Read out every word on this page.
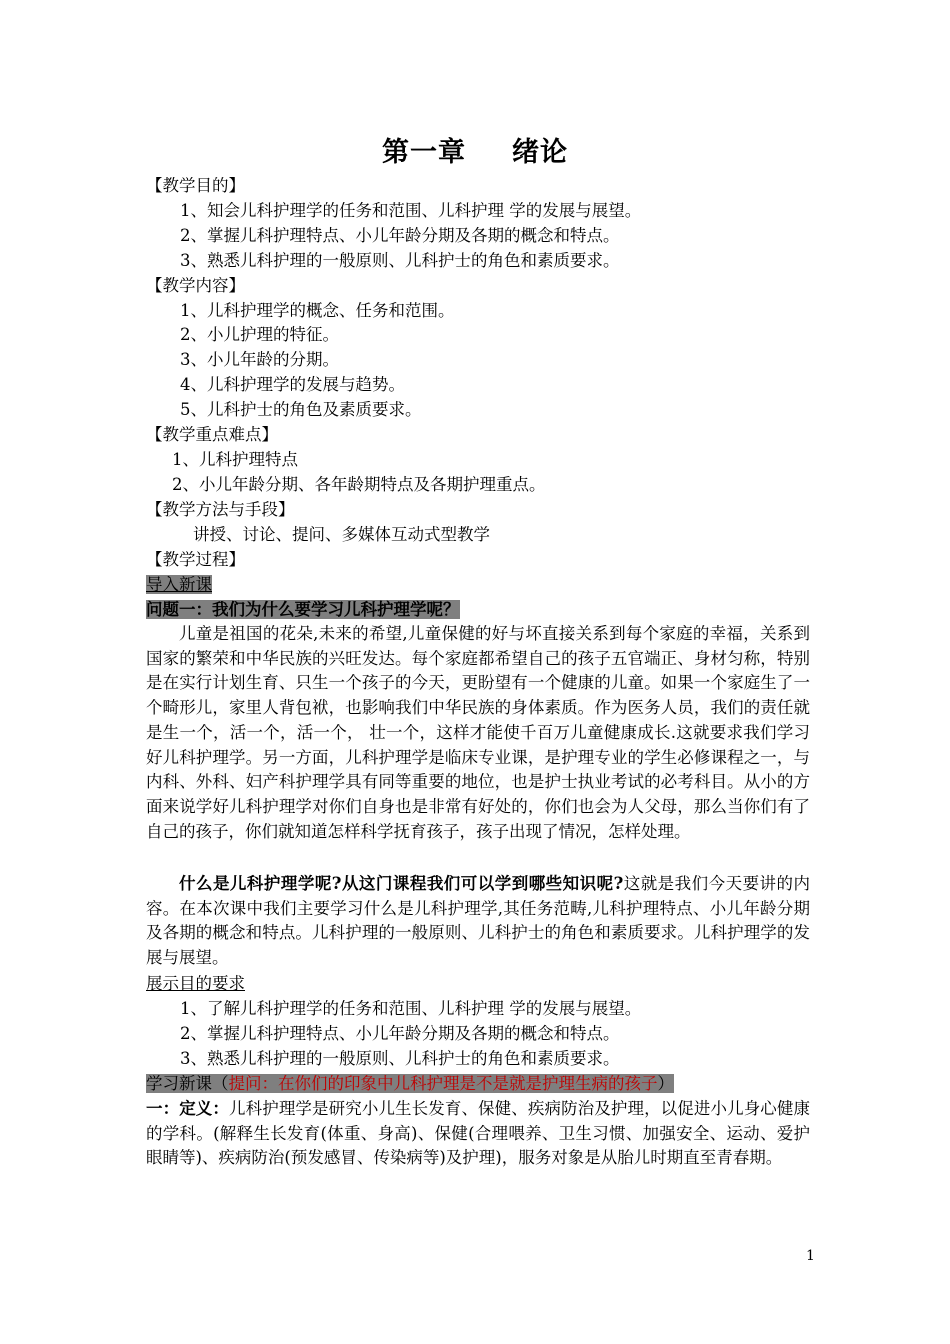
第一章 绪论
【教学目的】
1、知会儿科护理学的任务和范围、儿科护理 学的发展与展望。
2、掌握儿科护理特点、小儿年龄分期及各期的概念和特点。
3、熟悉儿科护理的一般原则、儿科护士的角色和素质要求。
【教学内容】
1、儿科护理学的概念、任务和范围。
2、小儿护理的特征。
3、小儿年龄的分期。
4、儿科护理学的发展与趋势。
5、儿科护士的角色及素质要求。
【教学重点难点】
1、儿科护理特点
2、小儿年龄分期、各年龄期特点及各期护理重点。
【教学方法与手段】
讲授、讨论、提问、多媒体互动式型教学
【教学过程】
导入新课
问题一：我们为什么要学习儿科护理学呢？

儿童是祖国的花朵,未来的希望,儿童保健的好与坏直接关系到每个家庭的幸福，关系到国家的繁荣和中华民族的兴旺发达。每个家庭都希望自己的孩子五官端正、身材匀称，特别是在实行计划生育、只生一个孩子的今天，更盼望有一个健康的儿童。如果一个家庭生了一个畸形儿，家里人背包袱，也影响我们中华民族的身体素质。作为医务人员，我们的责任就是生一个，活一个，活一个， 壮一个，这样才能使千百万儿童健康成长.这就要求我们学习好儿科护理学。另一方面，儿科护理学是临床专业课，是护理专业的学生必修课程之一，与内科、外科、妇产科护理学具有同等重要的地位，也是护士执业考试的必考科目。从小的方面来说学好儿科护理学对你们自身也是非常有好处的，你们也会为人父母，那么当你们有了自己的孩子，你们就知道怎样科学抚育孩子，孩子出现了情况，怎样处理。

什么是儿科护理学呢?从这门课程我们可以学到哪些知识呢?这就是我们今天要讲的内容。在本次课中我们主要学习什么是儿科护理学,其任务范畴,儿科护理特点、小儿年龄分期及各期的概念和特点。儿科护理的一般原则、儿科护士的角色和素质要求。儿科护理学的发展与展望。

展示目的要求
1、了解儿科护理学的任务和范围、儿科护理 学的发展与展望。
2、掌握儿科护理特点、小儿年龄分期及各期的概念和特点。
3、熟悉儿科护理的一般原则、儿科护士的角色和素质要求。
学习新课（提问：在你们的印象中儿科护理是不是就是护理生病的孩子）

一：定义：儿科护理学是研究小儿生长发育、保健、疾病防治及护理，以促进小儿身心健康的学科。(解释生长发育(体重、身高)、保健(合理喂养、卫生习惯、加强安全、运动、爱护眼睛等)、疾病防治(预发感冒、传染病等)及护理)，服务对象是从胎儿时期直至青春期。

1
